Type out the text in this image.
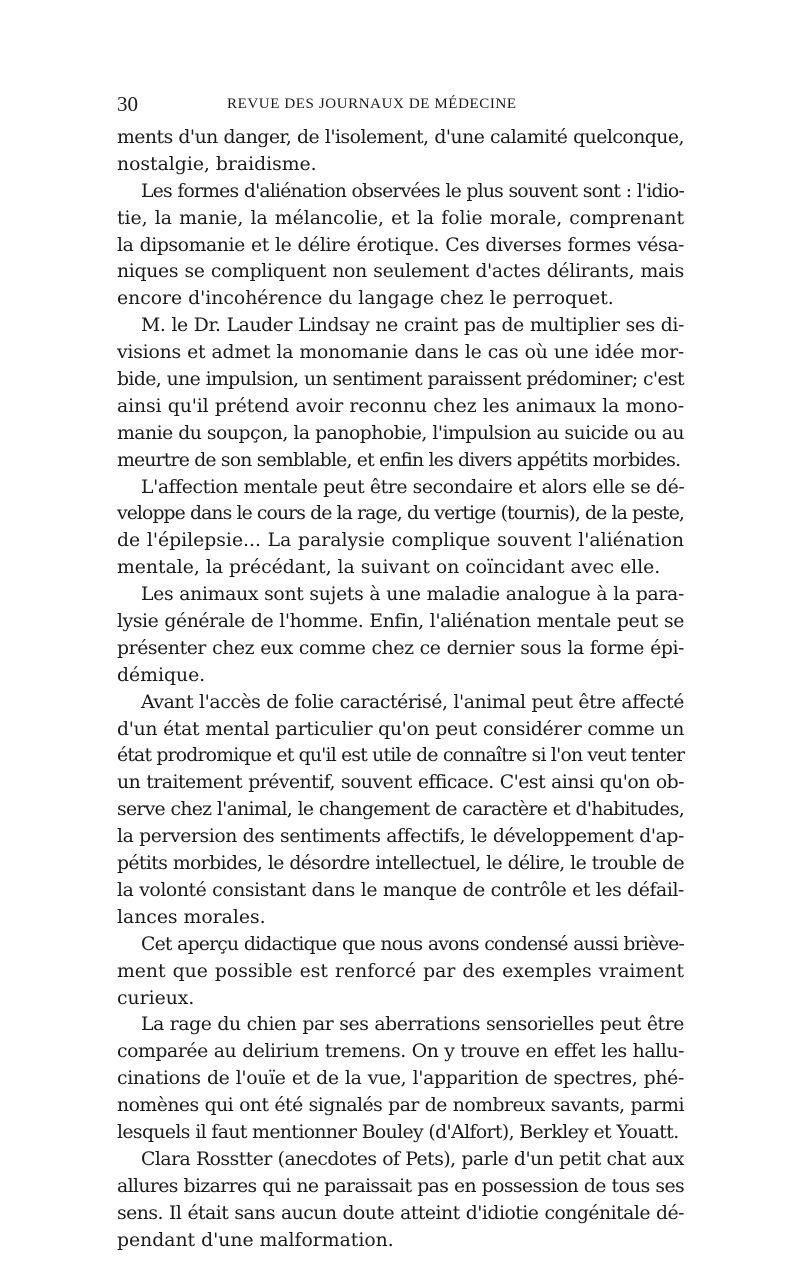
30	REVUE DES JOURNAUX DE MÉDECINE
ments d'un danger, de l'isolement, d'une calamité quelconque,
nostalgie, braidisme.
Les formes d'aliénation observées le plus souvent sont : l'idio-
tie, la manie, la mélancolie, et la folie morale, comprenant
la dipsomanie et le délire érotique. Ces diverses formes vésa-
niques se compliquent non seulement d'actes délirants, mais
encore d'incohérence du langage chez le perroquet.
M. le Dr. Lauder Lindsay ne craint pas de multiplier ses di-
visions et admet la monomanie dans le cas où une idée mor-
bide, une impulsion, un sentiment paraissent prédominer; c'est
ainsi qu'il prétend avoir reconnu chez les animaux la mono-
manie du soupçon, la panophobie, l'impulsion au suicide ou au
meurtre de son semblable, et enfin les divers appétits morbides.
L'affection mentale peut être secondaire et alors elle se dé-
veloppe dans le cours de la rage, du vertige (tournis), de la peste,
de l'épilepsie... La paralysie complique souvent l'aliénation
mentale, la précédant, la suivant on coïncidant avec elle.
Les animaux sont sujets à une maladie analogue à la para-
lysie générale de l'homme. Enfin, l'aliénation mentale peut se
présenter chez eux comme chez ce dernier sous la forme épi-
démique.
Avant l'accès de folie caractérisé, l'animal peut être affecté
d'un état mental particulier qu'on peut considérer comme un
état prodromique et qu'il est utile de connaître si l'on veut tenter
un traitement préventif, souvent efficace. C'est ainsi qu'on ob-
serve chez l'animal, le changement de caractère et d'habitudes,
la perversion des sentiments affectifs, le développement d'ap-
pétits morbides, le désordre intellectuel, le délire, le trouble de
la volonté consistant dans le manque de contrôle et les défail-
lances morales.
Cet aperçu didactique que nous avons condensé aussi briève-
ment que possible est renforcé par des exemples vraiment
curieux.
La rage du chien par ses aberrations sensorielles peut être
comparée au delirium tremens. On y trouve en effet les hallu-
cinations de l'ouïe et de la vue, l'apparition de spectres, phé-
nomènes qui ont été signalés par de nombreux savants, parmi
lesquels il faut mentionner Bouley (d'Alfort), Berkley et Youatt.
Clara Rosstter (anecdotes of Pets), parle d'un petit chat aux
allures bizarres qui ne paraissait pas en possession de tous ses
sens. Il était sans aucun doute atteint d'idiotie congénitale dé-
pendant d'une malformation.
